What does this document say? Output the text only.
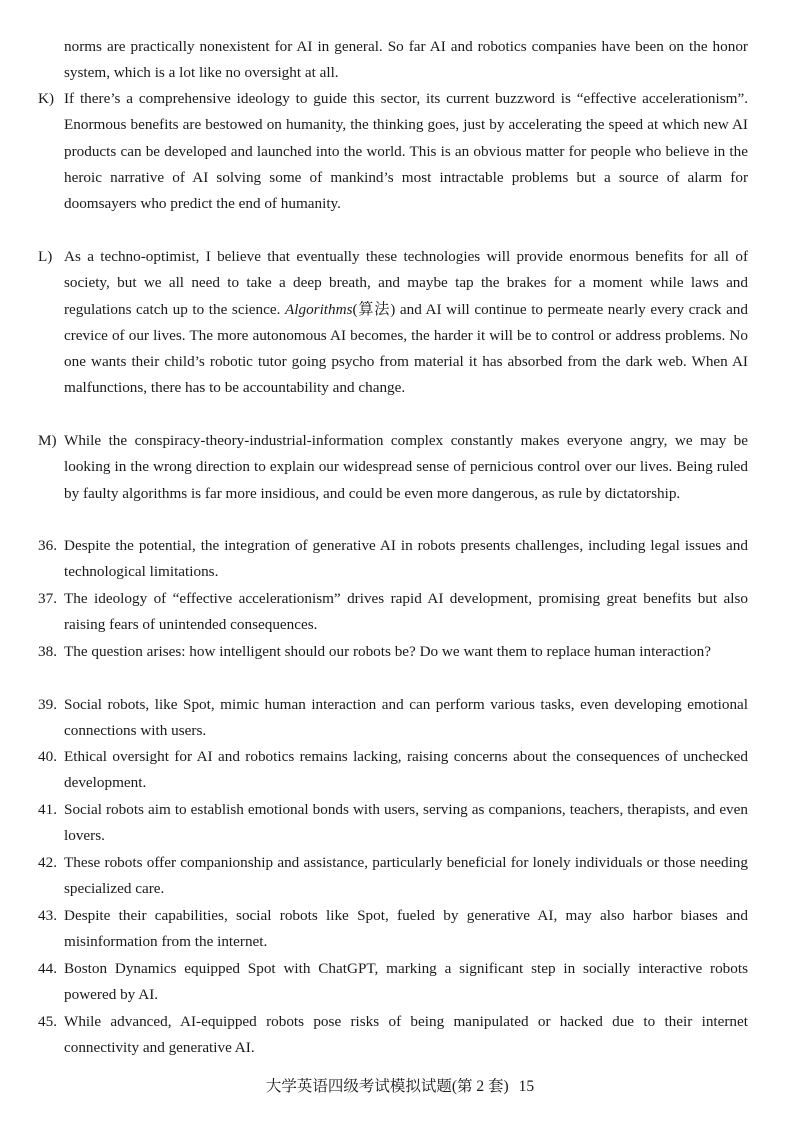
norms are practically nonexistent for AI in general. So far AI and robotics companies have been on the honor system, which is a lot like no oversight at all.
K) If there’s a comprehensive ideology to guide this sector, its current buzzword is “effective accelerationism”. Enormous benefits are bestowed on humanity, the thinking goes, just by accelerating the speed at which new AI products can be developed and launched into the world. This is an obvious matter for people who believe in the heroic narrative of AI solving some of mankind’s most intractable problems but a source of alarm for doomsayers who predict the end of humanity.
L) As a techno-optimist, I believe that eventually these technologies will provide enormous benefits for all of society, but we all need to take a deep breath, and maybe tap the brakes for a moment while laws and regulations catch up to the science. Algorithms(算法) and AI will continue to permeate nearly every crack and crevice of our lives. The more autonomous AI becomes, the harder it will be to control or address problems. No one wants their child’s robotic tutor going psycho from material it has absorbed from the dark web. When AI malfunctions, there has to be accountability and change.
M) While the conspiracy-theory-industrial-information complex constantly makes everyone angry, we may be looking in the wrong direction to explain our widespread sense of pernicious control over our lives. Being ruled by faulty algorithms is far more insidious, and could be even more dangerous, as rule by dictatorship.
36. Despite the potential, the integration of generative AI in robots presents challenges, including legal issues and technological limitations.
37. The ideology of “effective accelerationism” drives rapid AI development, promising great benefits but also raising fears of unintended consequences.
38. The question arises: how intelligent should our robots be? Do we want them to replace human interaction?
39. Social robots, like Spot, mimic human interaction and can perform various tasks, even developing emotional connections with users.
40. Ethical oversight for AI and robotics remains lacking, raising concerns about the consequences of unchecked development.
41. Social robots aim to establish emotional bonds with users, serving as companions, teachers, therapists, and even lovers.
42. These robots offer companionship and assistance, particularly beneficial for lonely individuals or those needing specialized care.
43. Despite their capabilities, social robots like Spot, fueled by generative AI, may also harbor biases and misinformation from the internet.
44. Boston Dynamics equipped Spot with ChatGPT, marking a significant step in socially interactive robots powered by AI.
45. While advanced, AI-equipped robots pose risks of being manipulated or hacked due to their internet connectivity and generative AI.
大学英语四级考试模拟试题(第 2 套) 15
